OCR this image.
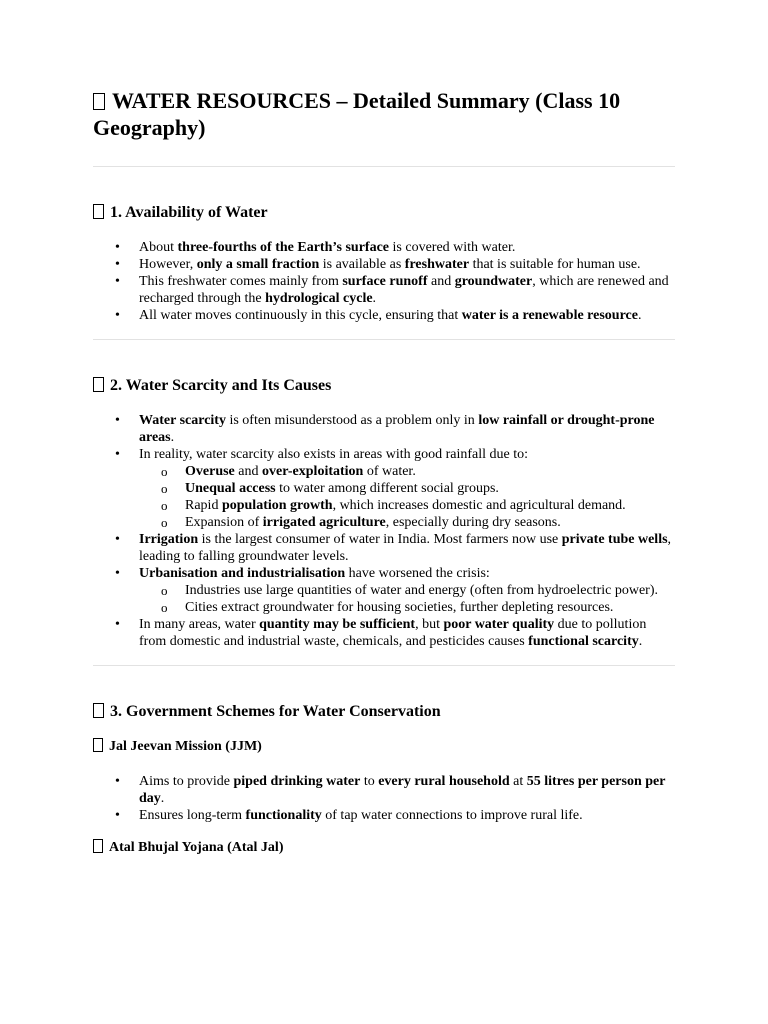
WATER RESOURCES – Detailed Summary (Class 10 Geography)
1. Availability of Water
• About three-fourths of the Earth’s surface is covered with water.
• However, only a small fraction is available as freshwater that is suitable for human use.
• This freshwater comes mainly from surface runoff and groundwater, which are renewed and recharged through the hydrological cycle.
• All water moves continuously in this cycle, ensuring that water is a renewable resource.
2. Water Scarcity and Its Causes
• Water scarcity is often misunderstood as a problem only in low rainfall or drought-prone areas.
• In reality, water scarcity also exists in areas with good rainfall due to:
o Overuse and over-exploitation of water.
o Unequal access to water among different social groups.
o Rapid population growth, which increases domestic and agricultural demand.
o Expansion of irrigated agriculture, especially during dry seasons.
• Irrigation is the largest consumer of water in India. Most farmers now use private tube wells, leading to falling groundwater levels.
• Urbanisation and industrialisation have worsened the crisis:
o Industries use large quantities of water and energy (often from hydroelectric power).
o Cities extract groundwater for housing societies, further depleting resources.
• In many areas, water quantity may be sufficient, but poor water quality due to pollution from domestic and industrial waste, chemicals, and pesticides causes functional scarcity.
3. Government Schemes for Water Conservation
Jal Jeevan Mission (JJM)
• Aims to provide piped drinking water to every rural household at 55 litres per person per day.
• Ensures long-term functionality of tap water connections to improve rural life.
Atal Bhujal Yojana (Atal Jal)
